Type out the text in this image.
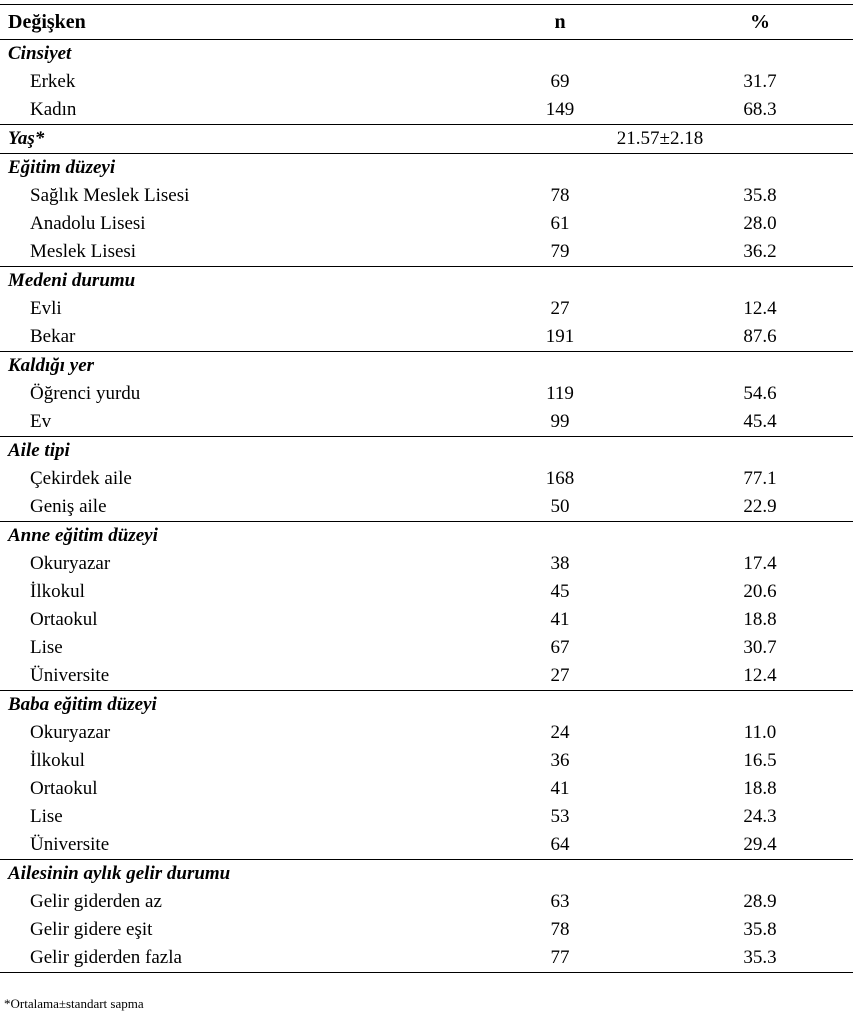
Değişken	n	%
Cinsiyet
Erkek	69	31.7
Kadın	149	68.3
Yaş*	21.57±2.18
Eğitim düzeyi
Sağlık Meslek Lisesi	78	35.8
Anadolu Lisesi	61	28.0
Meslek Lisesi	79	36.2
Medeni durumu
Evli	27	12.4
Bekar	191	87.6
Kaldığı yer
Öğrenci yurdu	119	54.6
Ev	99	45.4
Aile tipi
Çekirdek aile	168	77.1
Geniş aile	50	22.9
Anne eğitim düzeyi
Okuryazar	38	17.4
İlkokul	45	20.6
Ortaokul	41	18.8
Lise	67	30.7
Üniversite	27	12.4
Baba eğitim düzeyi
Okuryazar	24	11.0
İlkokul	36	16.5
Ortaokul	41	18.8
Lise	53	24.3
Üniversite	64	29.4
Ailesinin aylık gelir durumu
Gelir giderden az	63	28.9
Gelir gidere eşit	78	35.8
Gelir giderden fazla	77	35.3
*Ortalama±standart sapma
